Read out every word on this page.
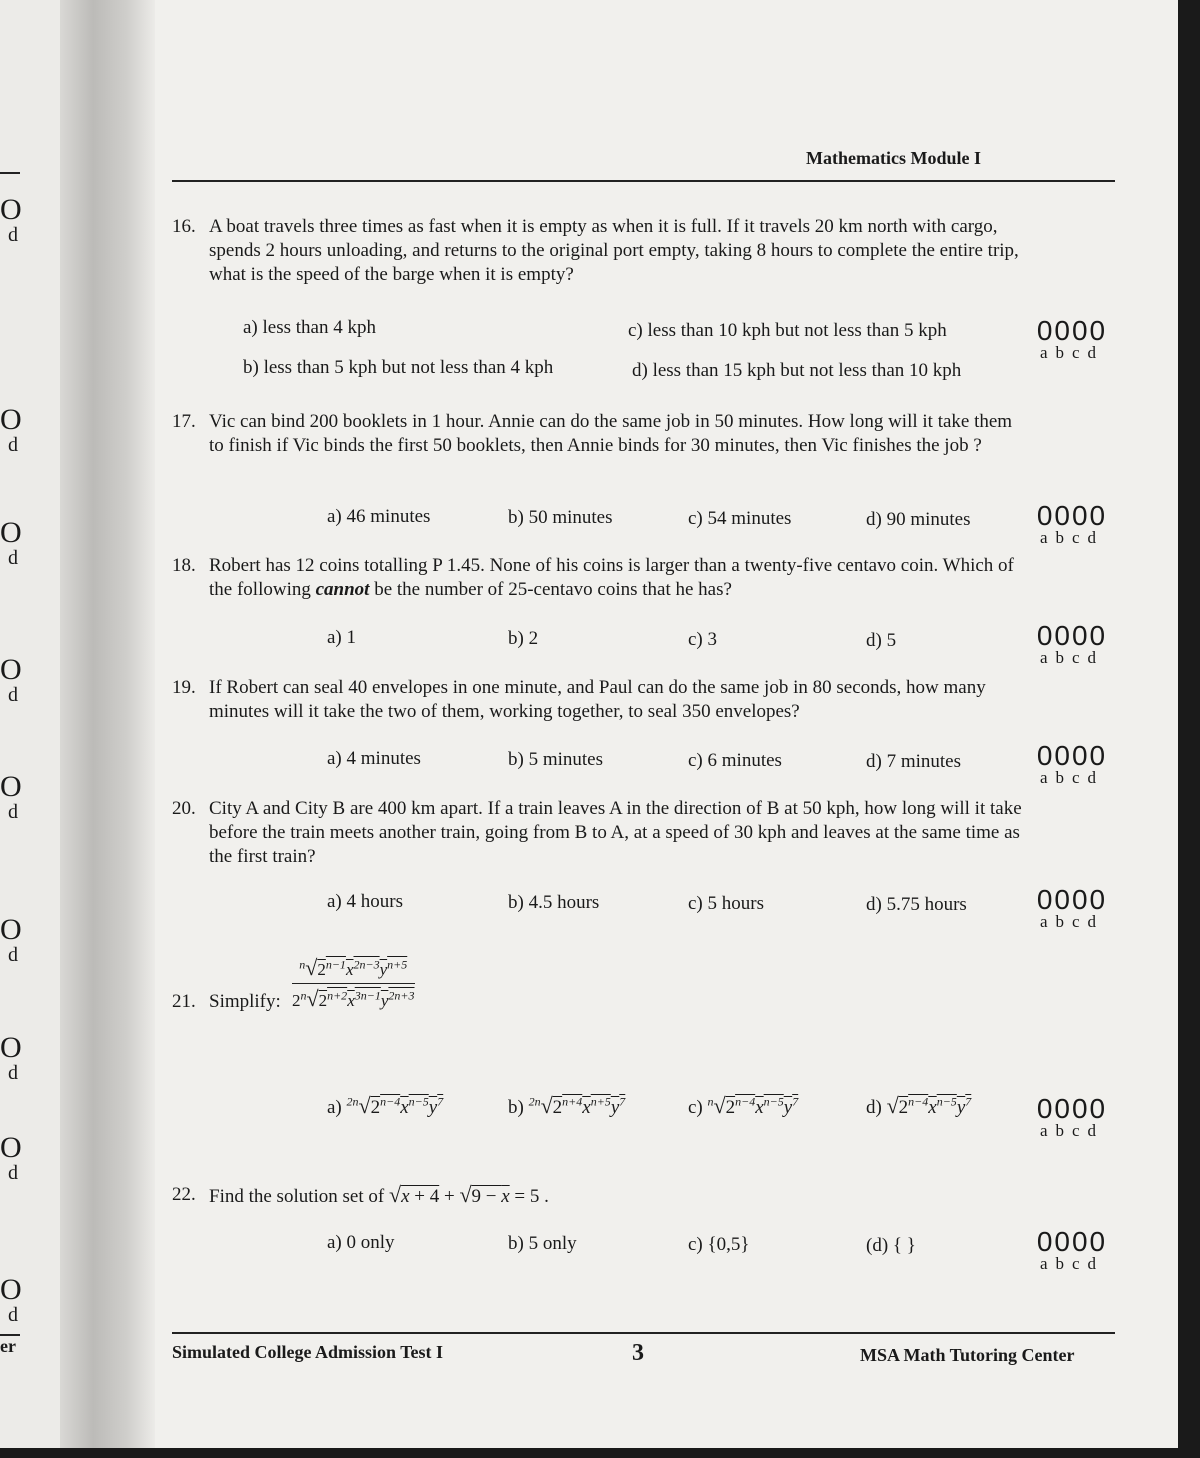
O
d
O
d
O
d
O
d
O
d
O
d
O
d
O
d
O
d
er
Mathematics Module I
16. A boat travels three times as fast when it is empty as when it is full. If it travels 20 km north with cargo, spends 2 hours unloading, and returns to the original port empty, taking 8 hours to complete the entire trip, what is the speed of the barge when it is empty?
a) less than 4 kph	c) less than 10 kph but not less than 5 kph
b) less than 5 kph but not less than 4 kph	d) less than 15 kph but not less than 10 kph
0000
abcd
17. Vic can bind 200 booklets in 1 hour. Annie can do the same job in 50 minutes. How long will it take them to finish if Vic binds the first 50 booklets, then Annie binds for 30 minutes, then Vic finishes the job ?
a) 46 minutes	b) 50 minutes	c) 54 minutes	d) 90 minutes	0000
abcd
18. Robert has 12 coins totalling P 1.45. None of his coins is larger than a twenty-five centavo coin. Which of the following cannot be the number of 25-centavo coins that he has?
a) 1	b) 2	c) 3	d) 5	0000
abcd
19. If Robert can seal 40 envelopes in one minute, and Paul can do the same job in 80 seconds, how many minutes will it take the two of them, working together, to seal 350 envelopes?
a) 4 minutes	b) 5 minutes	c) 6 minutes	d) 7 minutes	0000
abcd
20. City A and City B are 400 km apart. If a train leaves A in the direction of B at 50 kph, how long will it take before the train meets another train, going from B to A, at a speed of 30 kph and leaves at the same time as the first train?
a) 4 hours	b) 4.5 hours	c) 5 hours	d) 5.75 hours	0000
abcd
21. Simplify: $\frac{^n√2^{n-1}x^{2n-3}y^{n+5}}{2^n√2^{n+2}x^{3n-1}y^{2n+3}}$
a) $^{2n}√2^{n-4}x^{n-5}y^7$	b) $^{2n}√2^{n+4}x^{n+5}y^7$	c) $^n√2^{n-4}x^{n-5}y^7$	d) $√2^{n-4}x^{n-5}y^7$	0000
abcd
22. Find the solution set of √x + 4 + √9 − x = 5 .
a) 0 only	b) 5 only	c) {0,5}	(d) { }	0000
abcd
Simulated College Admission Test I	3	MSA Math Tutoring Center
